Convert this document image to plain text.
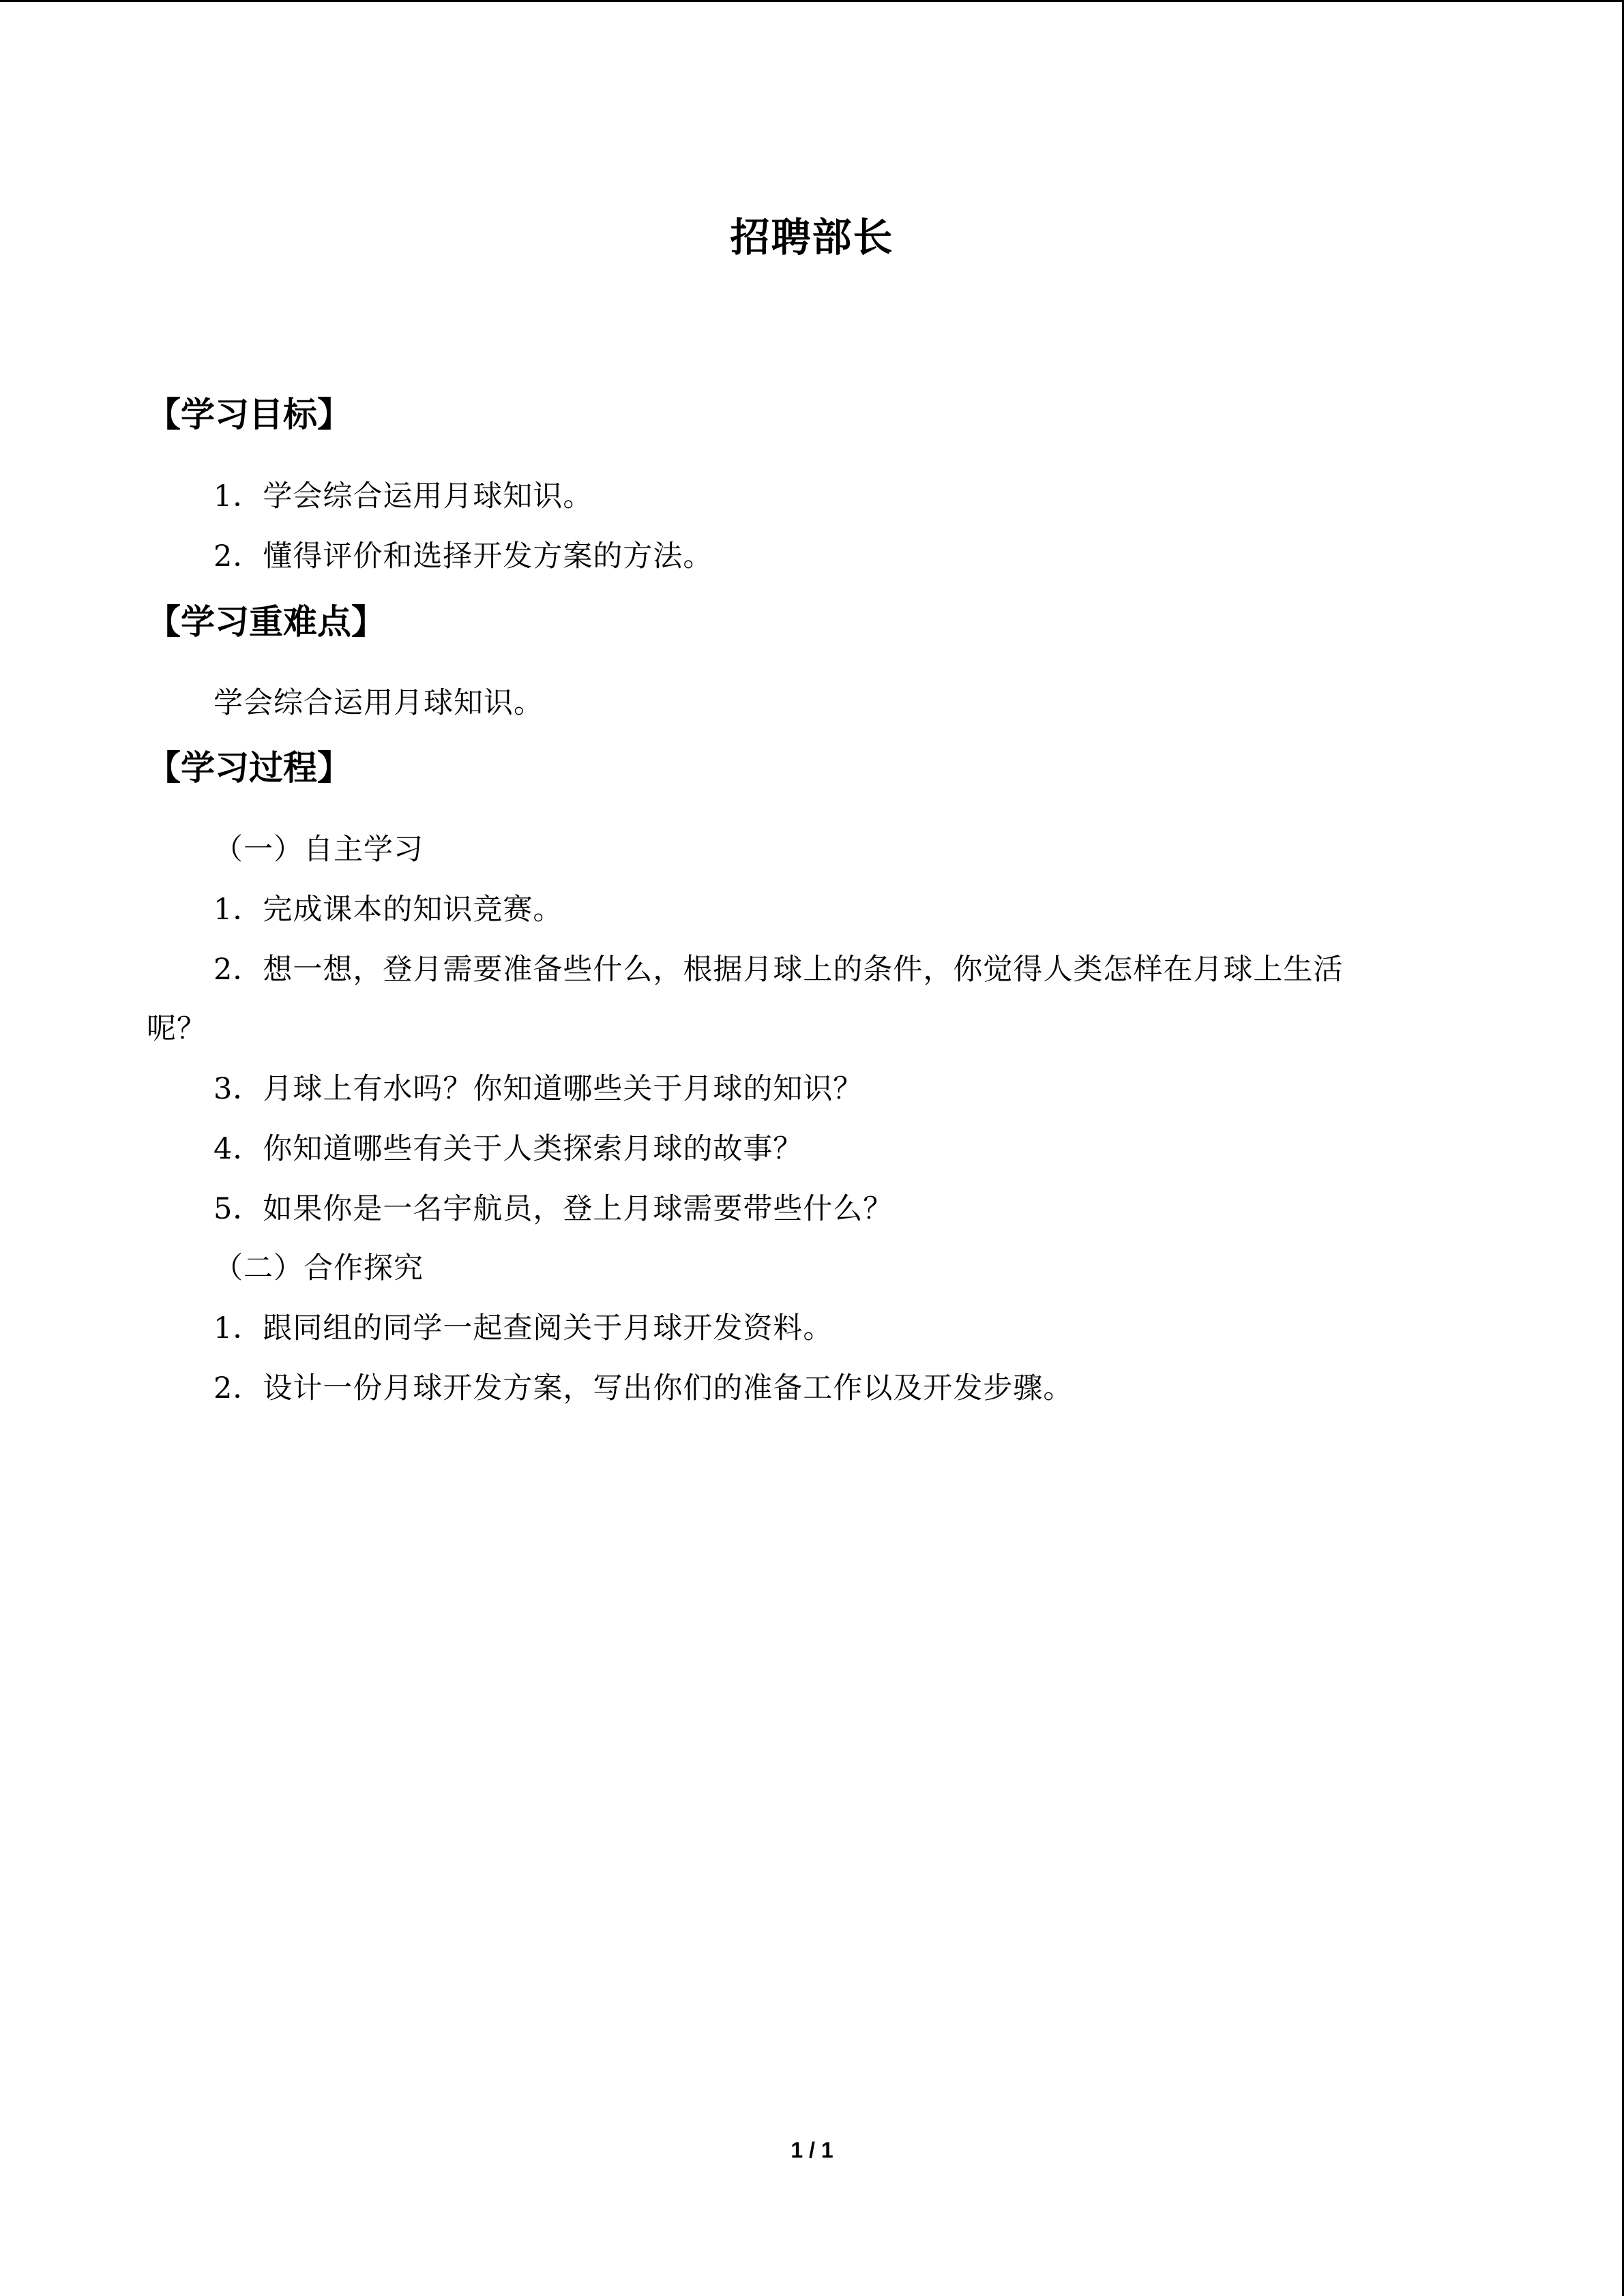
招聘部长
【学习目标】
1．学会综合运用月球知识。
2．懂得评价和选择开发方案的方法。
【学习重难点】
学会综合运用月球知识。
【学习过程】
（一）自主学习
1．完成课本的知识竞赛。
2．想一想，登月需要准备些什么，根据月球上的条件，你觉得人类怎样在月球上生活
呢？
3．月球上有水吗？你知道哪些关于月球的知识？
4．你知道哪些有关于人类探索月球的故事？
5．如果你是一名宇航员，登上月球需要带些什么？
（二）合作探究
1．跟同组的同学一起查阅关于月球开发资料。
2．设计一份月球开发方案，写出你们的准备工作以及开发步骤。
1 / 1
